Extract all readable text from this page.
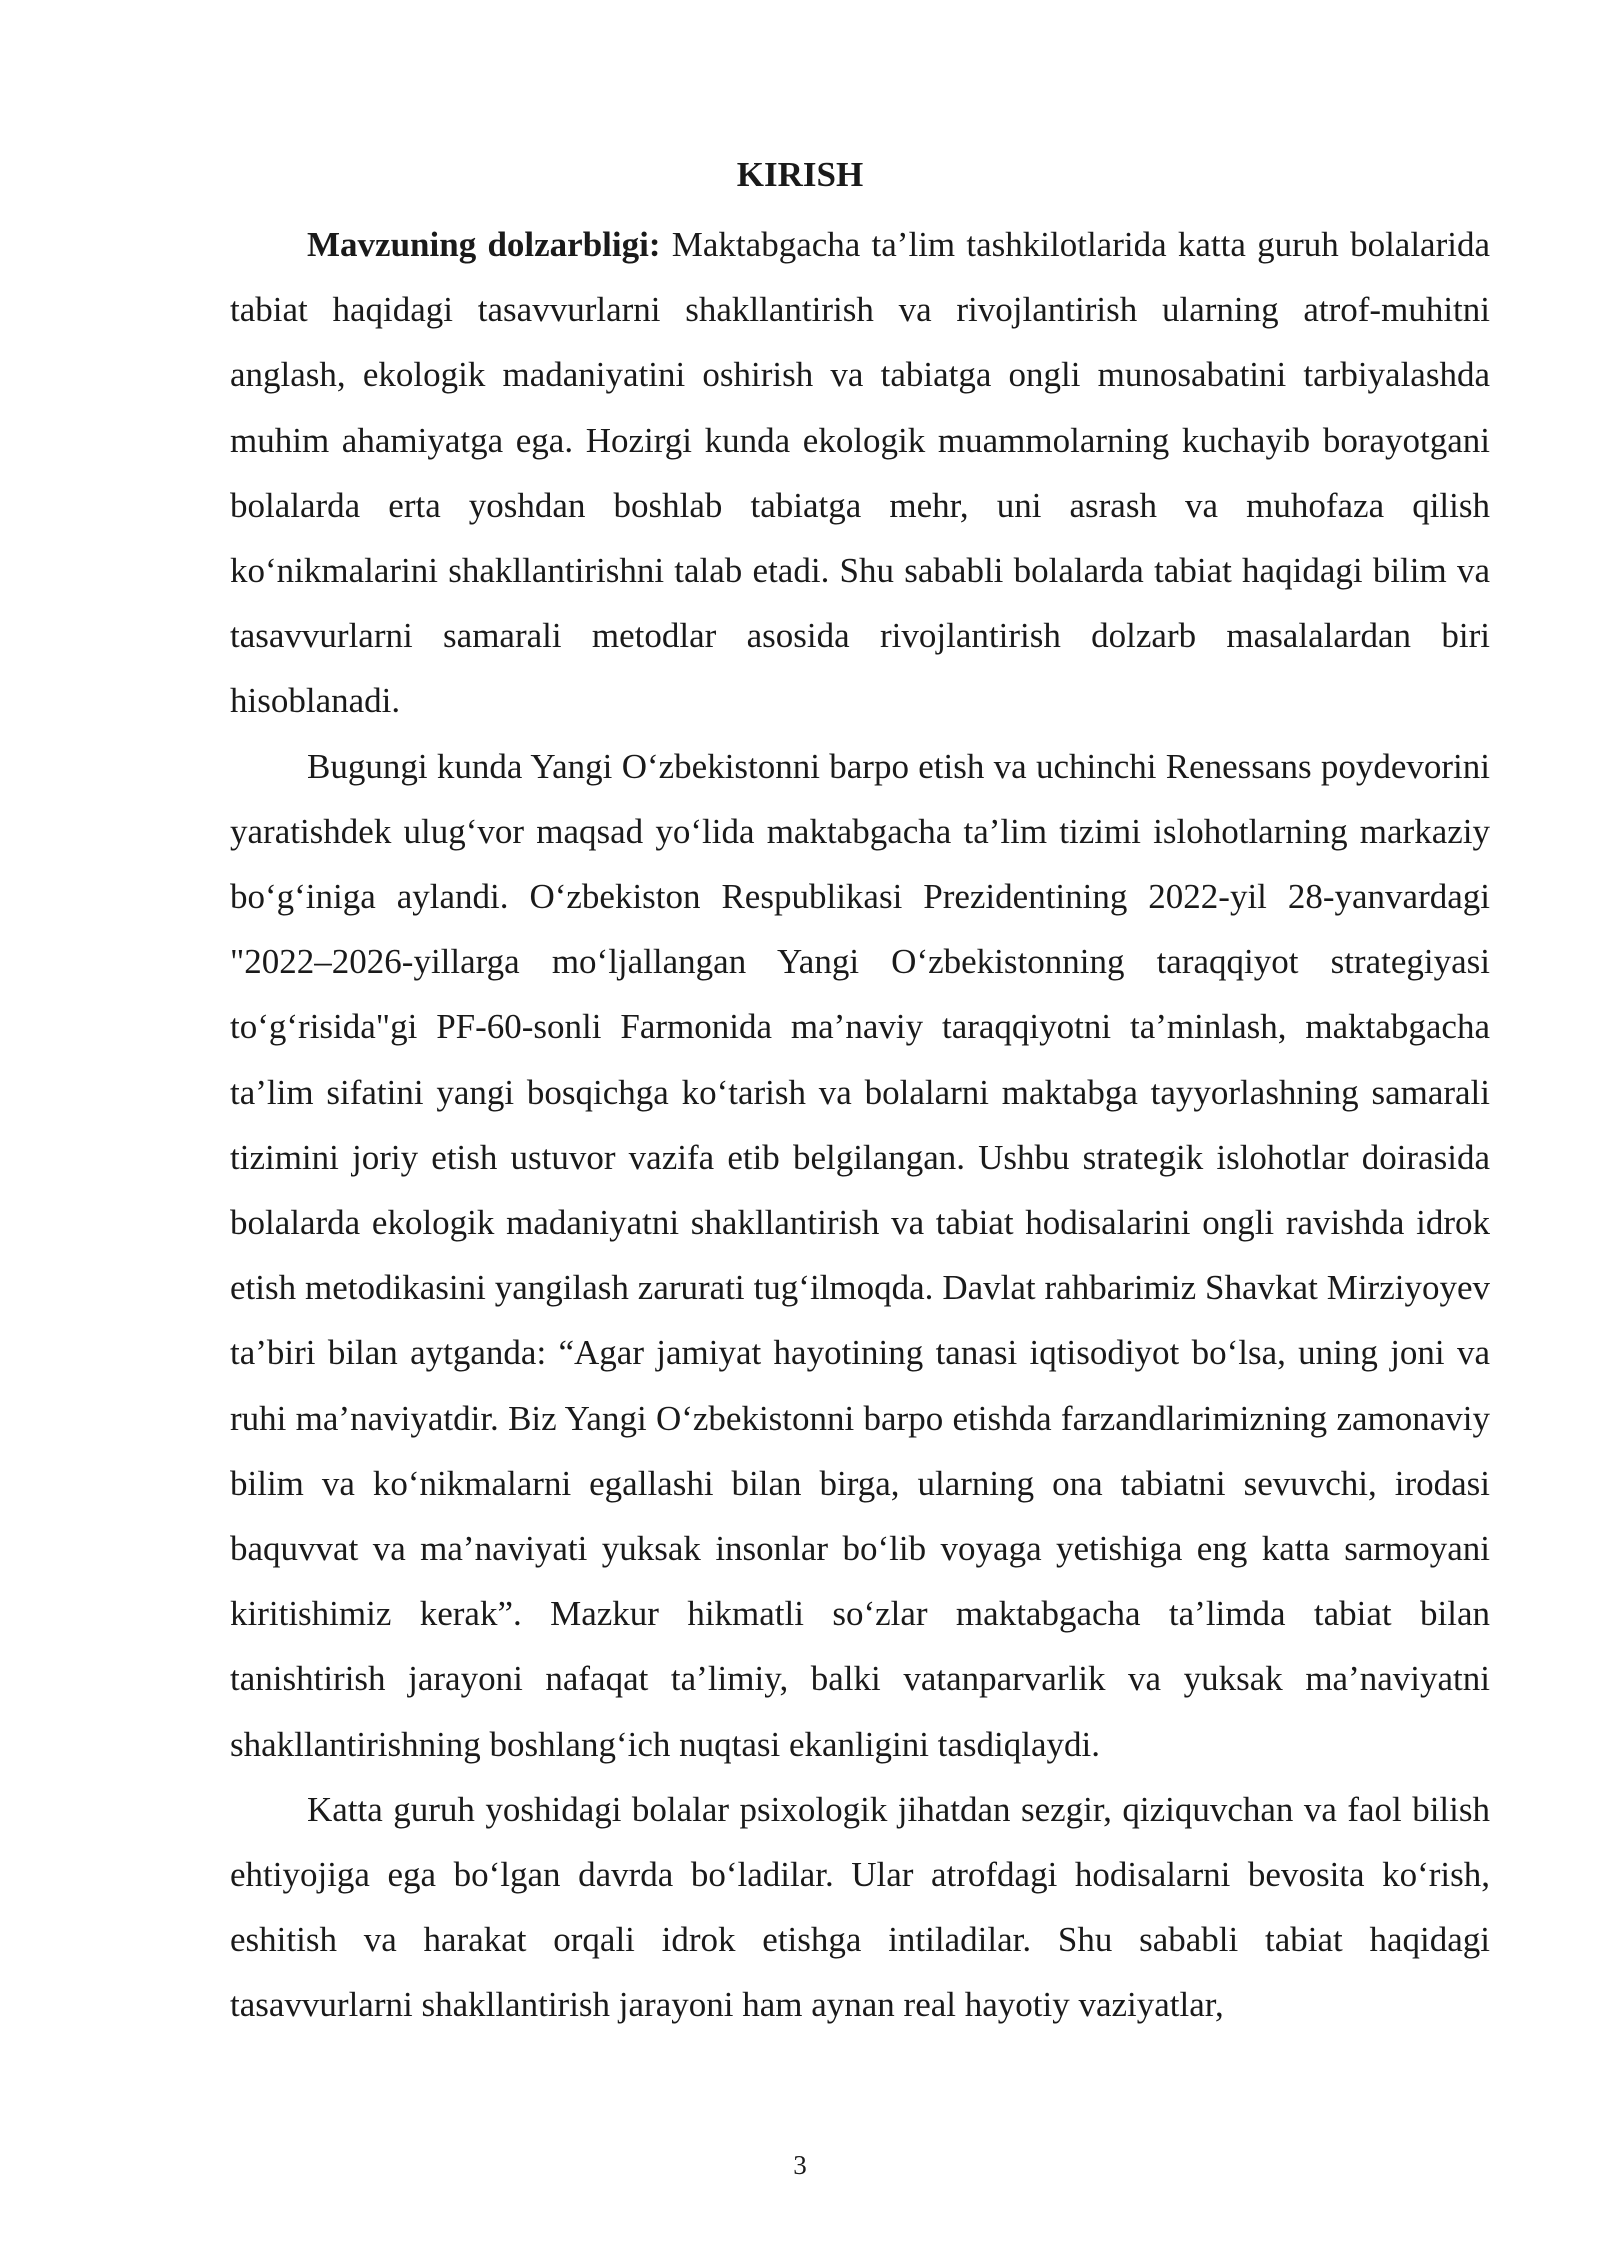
KIRISH

Mavzuning dolzarbligi: Maktabgacha ta’lim tashkilotlarida katta guruh bolalarida tabiat haqidagi tasavvurlarni shakllantirish va rivojlantirish ularning atrof-muhitni anglash, ekologik madaniyatini oshirish va tabiatga ongli munosabatini tarbiyalashda muhim ahamiyatga ega. Hozirgi kunda ekologik muammolarning kuchayib borayotgani bolalarda erta yoshdan boshlab tabiatga mehr, uni asrash va muhofaza qilish ko‘nikmalarini shakllantirishni talab etadi. Shu sababli bolalarda tabiat haqidagi bilim va tasavvurlarni samarali metodlar asosida rivojlantirish dolzarb masalalardan biri hisoblanadi.

Bugungi kunda Yangi O‘zbekistonni barpo etish va uchinchi Renessans poydevorini yaratishdek ulug‘vor maqsad yo‘lida maktabgacha ta’lim tizimi islohotlarning markaziy bo‘g‘iniga aylandi. O‘zbekiston Respublikasi Prezidentining 2022-yil 28-yanvardagi "2022–2026-yillarga mo‘ljallangan Yangi O‘zbekistonning taraqqiyot strategiyasi to‘g‘risida"gi PF-60-sonli Farmonida ma’naviy taraqqiyotni ta’minlash, maktabgacha ta’lim sifatini yangi bosqichga ko‘tarish va bolalarni maktabga tayyorlashning samarali tizimini joriy etish ustuvor vazifa etib belgilangan. Ushbu strategik islohotlar doirasida bolalarda ekologik madaniyatni shakllantirish va tabiat hodisalarini ongli ravishda idrok etish metodikasini yangilash zarurati tug‘ilmoqda. Davlat rahbarimiz Shavkat Mirziyoyev ta’biri bilan aytganda: “Agar jamiyat hayotining tanasi iqtisodiyot bo‘lsa, uning joni va ruhi ma’naviyatdir. Biz Yangi O‘zbekistonni barpo etishda farzandlarimizning zamonaviy bilim va ko‘nikmalarni egallashi bilan birga, ularning ona tabiatni sevuvchi, irodasi baquvvat va ma’naviyati yuksak insonlar bo‘lib voyaga yetishiga eng katta sarmoyani kiritishimiz kerak”. Mazkur hikmatli so‘zlar maktabgacha ta’limda tabiat bilan tanishtirish jarayoni nafaqat ta’limiy, balki vatanparvarlik va yuksak ma’naviyatni shakllantirishning boshlang‘ich nuqtasi ekanligini tasdiqlaydi.

Katta guruh yoshidagi bolalar psixologik jihatdan sezgir, qiziquvchan va faol bilish ehtiyojiga ega bo‘lgan davrda bo‘ladilar. Ular atrofdagi hodisalarni bevosita ko‘rish, eshitish va harakat orqali idrok etishga intiladilar. Shu sababli tabiat haqidagi tasavvurlarni shakllantirish jarayoni ham aynan real hayotiy vaziyatlar,

3
